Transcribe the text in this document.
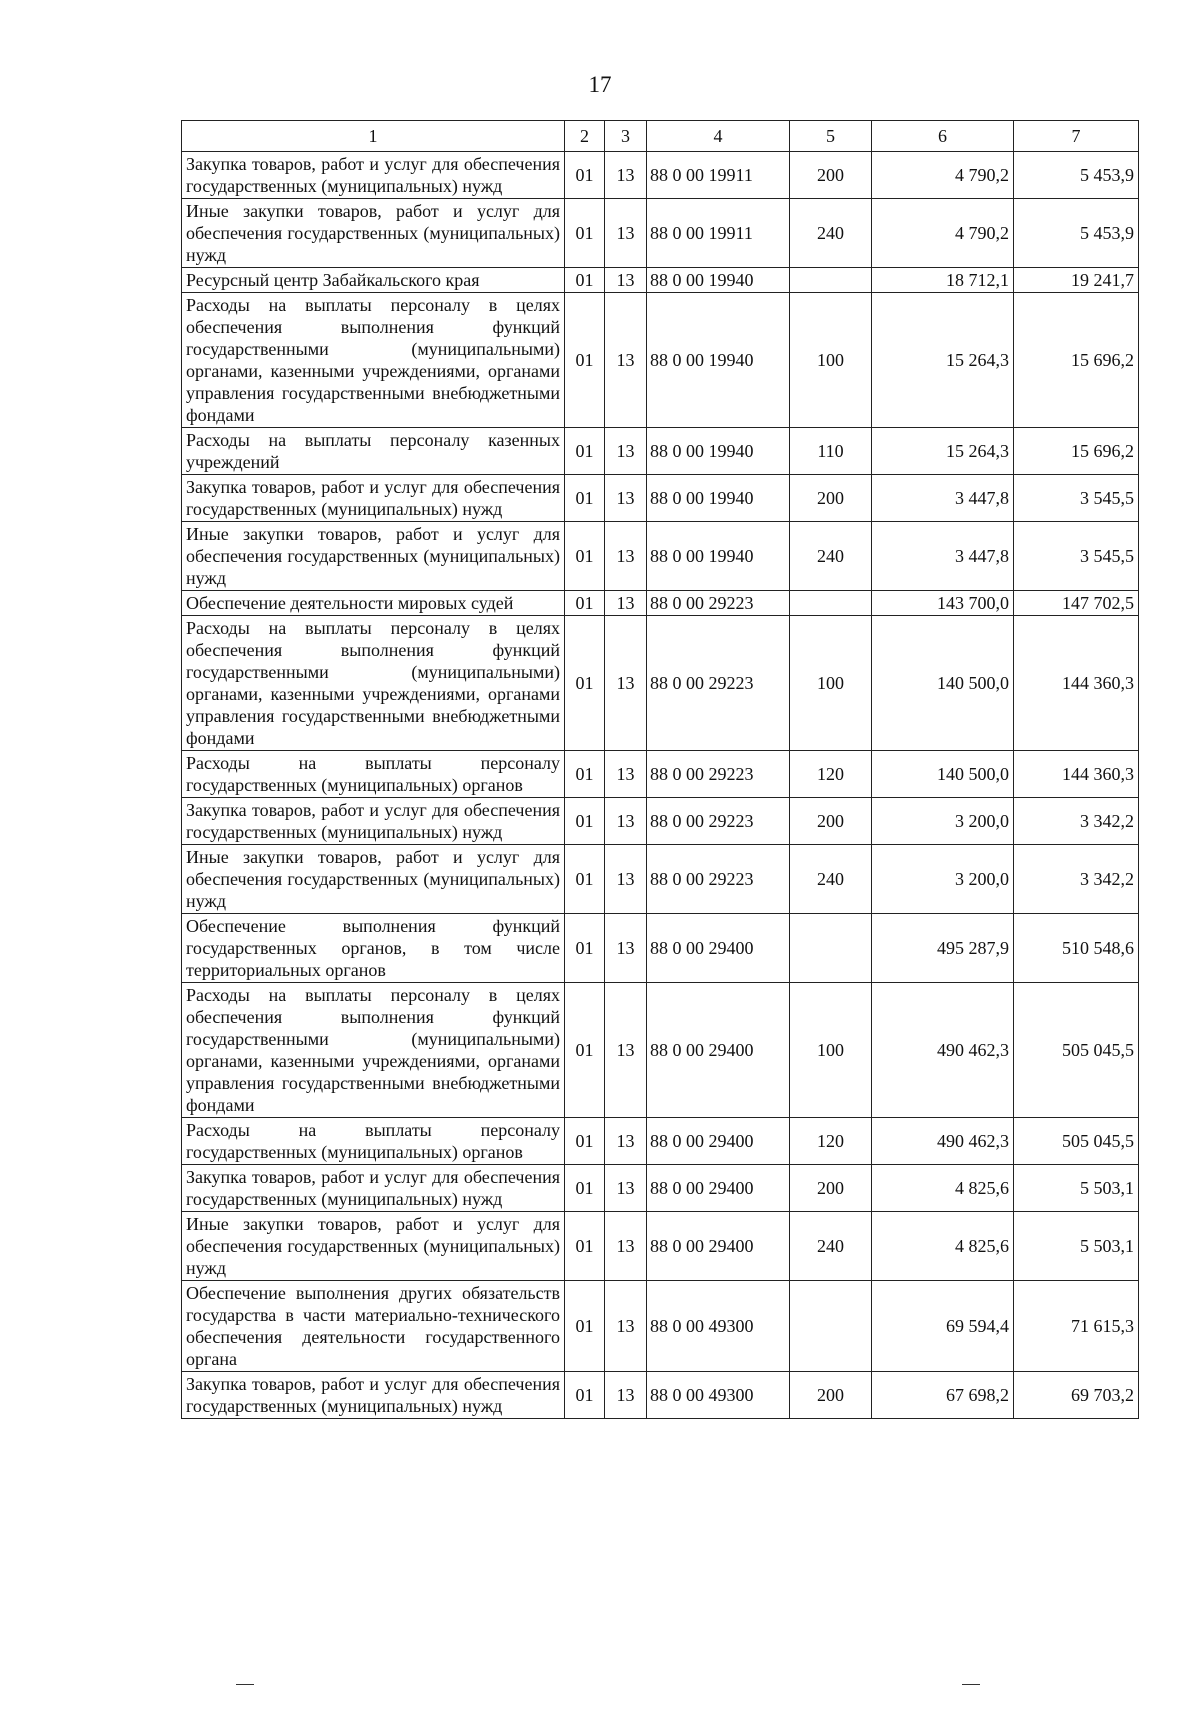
17
1	2	3	4	5	6	7
Закупка товаров, работ и услуг для обеспечения государственных (муниципальных) нужд	01	13	88 0 00 19911	200	4 790,2	5 453,9
Иные закупки товаров, работ и услуг для обеспечения государственных (муниципальных) нужд	01	13	88 0 00 19911	240	4 790,2	5 453,9
Ресурсный центр Забайкальского края	01	13	88 0 00 19940		18 712,1	19 241,7
Расходы на выплаты персоналу в целях обеспечения выполнения функций государственными (муниципальными) органами, казенными учреждениями, органами управления государственными внебюджетными фондами	01	13	88 0 00 19940	100	15 264,3	15 696,2
Расходы на выплаты персоналу казенных учреждений	01	13	88 0 00 19940	110	15 264,3	15 696,2
Закупка товаров, работ и услуг для обеспечения государственных (муниципальных) нужд	01	13	88 0 00 19940	200	3 447,8	3 545,5
Иные закупки товаров, работ и услуг для обеспечения государственных (муниципальных) нужд	01	13	88 0 00 19940	240	3 447,8	3 545,5
Обеспечение деятельности мировых судей	01	13	88 0 00 29223		143 700,0	147 702,5
Расходы на выплаты персоналу в целях обеспечения выполнения функций государственными (муниципальными) органами, казенными учреждениями, органами управления государственными внебюджетными фондами	01	13	88 0 00 29223	100	140 500,0	144 360,3
Расходы на выплаты персоналу государственных (муниципальных) органов	01	13	88 0 00 29223	120	140 500,0	144 360,3
Закупка товаров, работ и услуг для обеспечения государственных (муниципальных) нужд	01	13	88 0 00 29223	200	3 200,0	3 342,2
Иные закупки товаров, работ и услуг для обеспечения государственных (муниципальных) нужд	01	13	88 0 00 29223	240	3 200,0	3 342,2
Обеспечение выполнения функций государственных органов, в том числе территориальных органов	01	13	88 0 00 29400		495 287,9	510 548,6
Расходы на выплаты персоналу в целях обеспечения выполнения функций государственными (муниципальными) органами, казенными учреждениями, органами управления государственными внебюджетными фондами	01	13	88 0 00 29400	100	490 462,3	505 045,5
Расходы на выплаты персоналу государственных (муниципальных) органов	01	13	88 0 00 29400	120	490 462,3	505 045,5
Закупка товаров, работ и услуг для обеспечения государственных (муниципальных) нужд	01	13	88 0 00 29400	200	4 825,6	5 503,1
Иные закупки товаров, работ и услуг для обеспечения государственных (муниципальных) нужд	01	13	88 0 00 29400	240	4 825,6	5 503,1
Обеспечение выполнения других обязательств государства в части материально-технического обеспечения деятельности государственного органа	01	13	88 0 00 49300		69 594,4	71 615,3
Закупка товаров, работ и услуг для обеспечения государственных (муниципальных) нужд	01	13	88 0 00 49300	200	67 698,2	69 703,2
